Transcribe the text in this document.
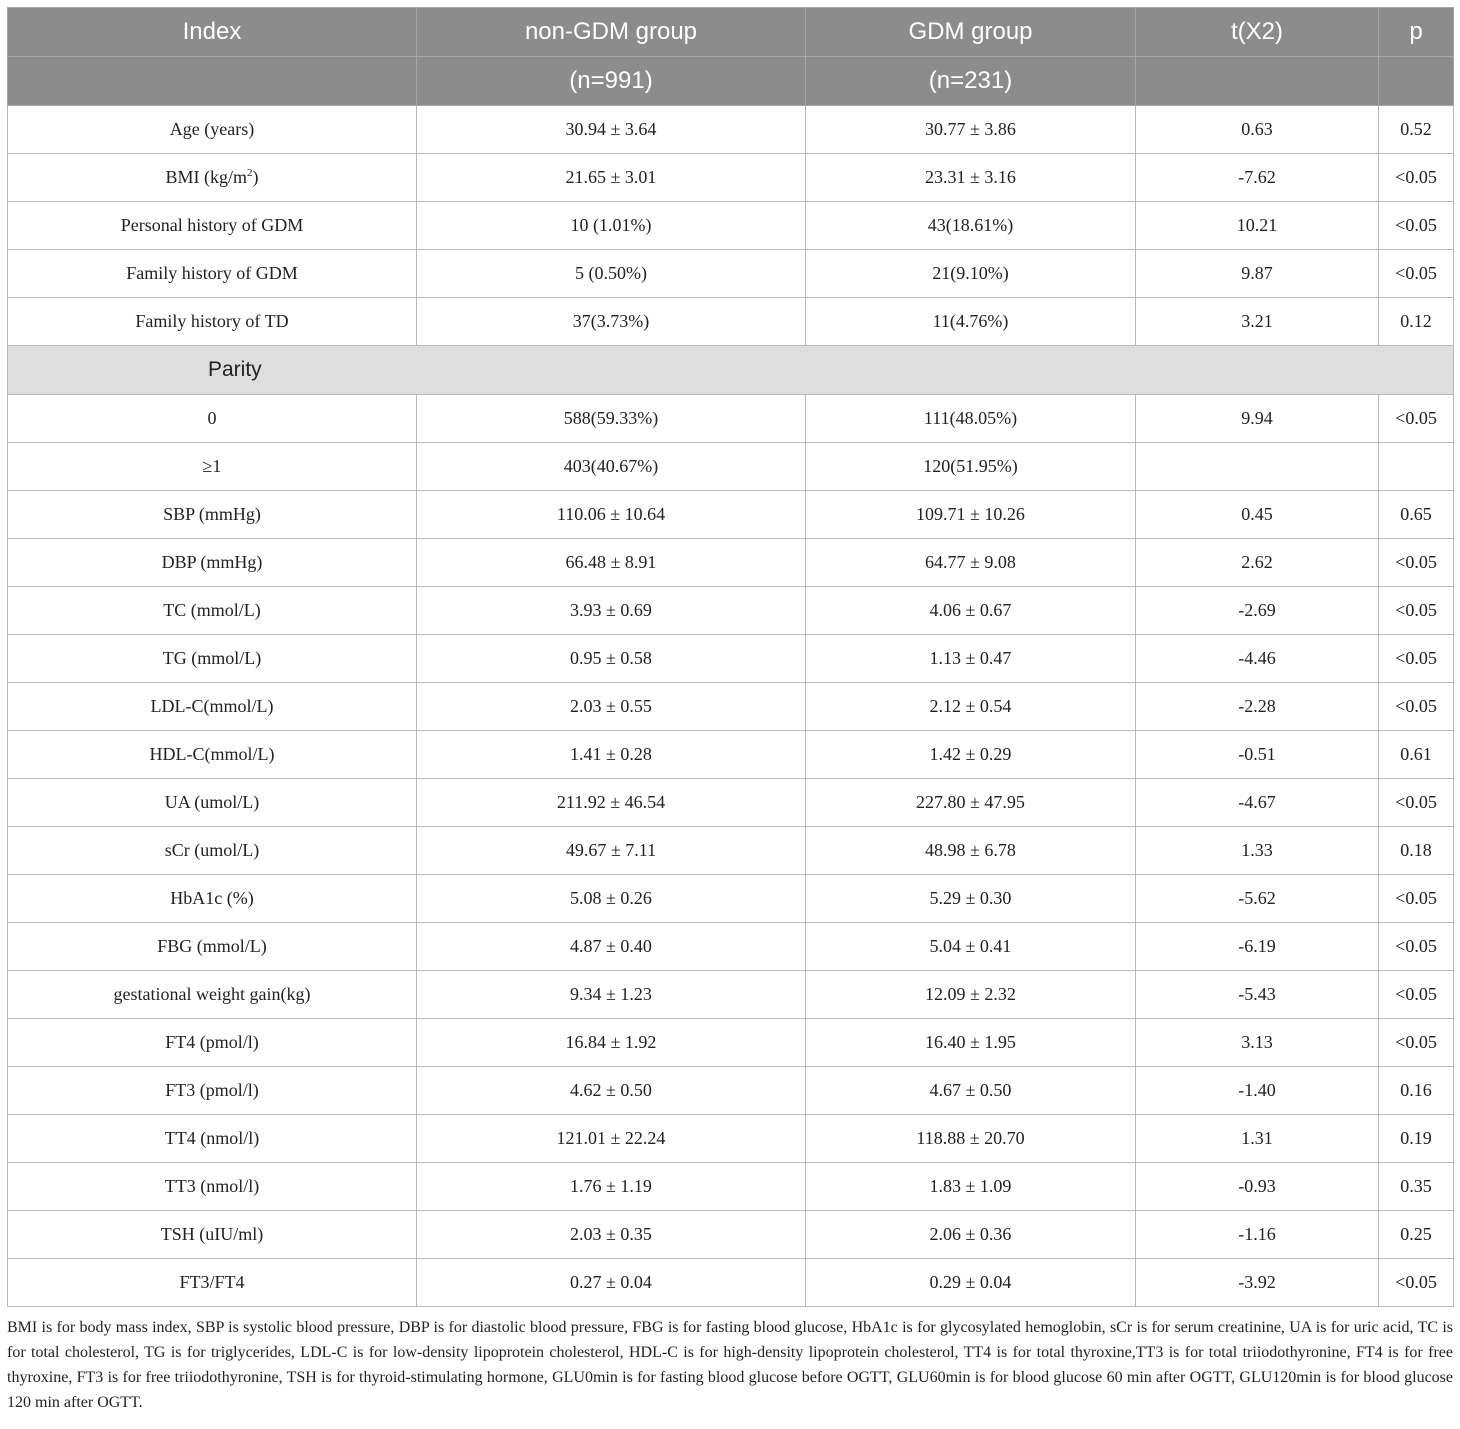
Index	non-GDM group	GDM group	t(X2)	p
	(n=991)	(n=231)		
Age (years)	30.94 ± 3.64	30.77 ± 3.86	0.63	0.52
BMI $(kg/m^2)$	21.65 ± 3.01	23.31 ± 3.16	-7.62	<0.05
Personal history of GDM	10 (1.01%)	43(18.61%)	10.21	<0.05
Family history of GDM	5 (0.50%)	21(9.10%)	9.87	<0.05
Family history of TD	37(3.73%)	11(4.76%)	3.21	0.12
Parity				
0	588(59.33%)	111(48.05%)	9.94	<0.05
≥1	403(40.67%)	120(51.95%)		
SBP (mmHg)	110.06 ± 10.64	109.71 ± 10.26	0.45	0.65
DBP (mmHg)	66.48 ± 8.91	64.77 ± 9.08	2.62	<0.05
TC (mmol/L)	3.93 ± 0.69	4.06 ± 0.67	-2.69	<0.05
TG (mmol/L)	0.95 ± 0.58	1.13 ± 0.47	-4.46	<0.05
LDL-C(mmol/L)	2.03 ± 0.55	2.12 ± 0.54	-2.28	<0.05
HDL-C(mmol/L)	1.41 ± 0.28	1.42 ± 0.29	-0.51	0.61
UA (umol/L)	211.92 ± 46.54	227.80 ± 47.95	-4.67	<0.05
sCr (umol/L)	49.67 ± 7.11	48.98 ± 6.78	1.33	0.18
HbA1c (%)	5.08 ± 0.26	5.29 ± 0.30	-5.62	<0.05
FBG (mmol/L)	4.87 ± 0.40	5.04 ± 0.41	-6.19	<0.05
gestational weight gain(kg)	9.34 ± 1.23	12.09 ± 2.32	-5.43	<0.05
FT4 (pmol/l)	16.84 ± 1.92	16.40 ± 1.95	3.13	<0.05
FT3 (pmol/l)	4.62 ± 0.50	4.67 ± 0.50	-1.40	0.16
TT4 (nmol/l)	121.01 ± 22.24	118.88 ± 20.70	1.31	0.19
TT3 (nmol/l)	1.76 ± 1.19	1.83 ± 1.09	-0.93	0.35
TSH (uIU/ml)	2.03 ± 0.35	2.06 ± 0.36	-1.16	0.25
FT3/FT4	0.27 ± 0.04	0.29 ± 0.04	-3.92	<0.05
BMI is for body mass index, SBP is systolic blood pressure, DBP is for diastolic blood pressure, FBG is for fasting blood glucose, HbA1c is for glycosylated hemoglobin, sCr is for serum creatinine, UA is for uric acid, TC is for total cholesterol, TG is for triglycerides, LDL-C is for low-density lipoprotein cholesterol, HDL-C is for high-density lipoprotein cholesterol, TT4 is for total thyroxine,TT3 is for total triiodothyronine, FT4 is for free thyroxine, FT3 is for free triiodothyronine, TSH is for thyroid-stimulating hormone, GLU0min is for fasting blood glucose before OGTT, GLU60min is for blood glucose 60 min after OGTT, GLU120min is for blood glucose 120 min after OGTT.
